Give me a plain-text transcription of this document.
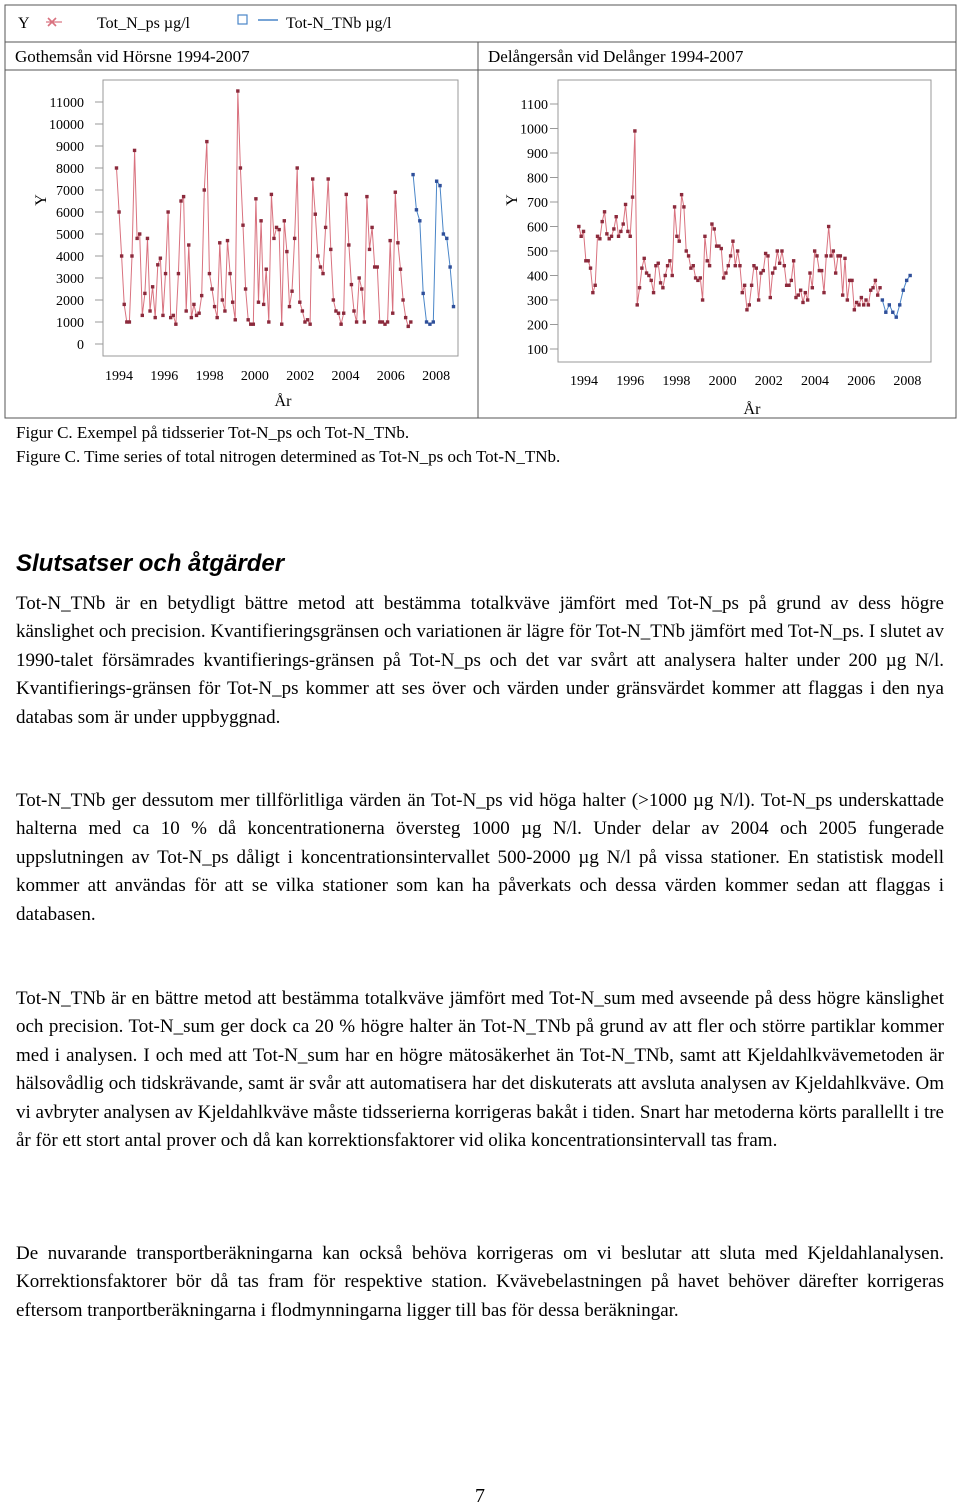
Y	Tot_N_ps µg/l	Tot-N_TNb µg/l
Gothemsån vid Hörsne 1994-2007	Delångersån vid Delånger 1994-2007
Y	Y
År	År
11000
10000
9000
8000
7000
6000
5000
4000
3000
2000
1000
0
1994 1996 1998 2000 2002 2004 2006 2008
1100
1000
900
800
700
600
500
400
300
200
100
1994 1996 1998 2000 2002 2004 2006 2008
Figur C. Exempel på tidsserier Tot-N_ps och Tot-N_TNb.
Figure C. Time series of total nitrogen determined as Tot-N_ps och Tot-N_TNb.
Slutsatser och åtgärder
Tot-N_TNb är en betydligt bättre metod att bestämma totalkväve jämfört med Tot-N_ps på grund av dess högre känslighet och precision. Kvantifieringsgränsen och variationen är lägre för Tot-N_TNb jämfört med Tot-N_ps. I slutet av 1990-talet försämrades kvantifierings-gränsen på Tot-N_ps och det var svårt att analysera halter under 200 µg N/l. Kvantifierings-gränsen för Tot-N_ps kommer att ses över och värden under gränsvärdet kommer att flaggas i den nya databas som är under uppbyggnad.
Tot-N_TNb ger dessutom mer tillförlitliga värden än Tot-N_ps vid höga halter (>1000 µg N/l). Tot-N_ps underskattade halterna med ca 10 % då koncentrationerna översteg 1000 µg N/l. Under delar av 2004 och 2005 fungerade uppslutningen av Tot-N_ps dåligt i koncentrationsintervallet 500-2000 µg N/l på vissa stationer. En statistisk modell kommer att användas för att se vilka stationer som kan ha påverkats och dessa värden kommer sedan att flaggas i databasen.
Tot-N_TNb är en bättre metod att bestämma totalkväve jämfört med Tot-N_sum med avseende på dess högre känslighet och precision. Tot-N_sum ger dock ca 20 % högre halter än Tot-N_TNb på grund av att fler och större partiklar kommer med i analysen. I och med att Tot-N_sum har en högre mätosäkerhet än Tot-N_TNb, samt att Kjeldahlkvävemetoden är hälsovådlig och tidskrävande, samt är svår att automatisera har det diskuterats att avsluta analysen av Kjeldahlkväve. Om vi avbryter analysen av Kjeldahlkväve måste tidsserierna korrigeras bakåt i tiden. Snart har metoderna körts parallellt i tre år för ett stort antal prover och då kan korrektionsfaktorer vid olika koncentrationsintervall tas fram.
De nuvarande transportberäkningarna kan också behöva korrigeras om vi beslutar att sluta med Kjeldahlanalysen. Korrektionsfaktorer bör då tas fram för respektive station. Kvävebelastningen på havet behöver därefter korrigeras eftersom tranportberäkningarna i flodmynningarna ligger till bas för dessa beräkningar.
7
